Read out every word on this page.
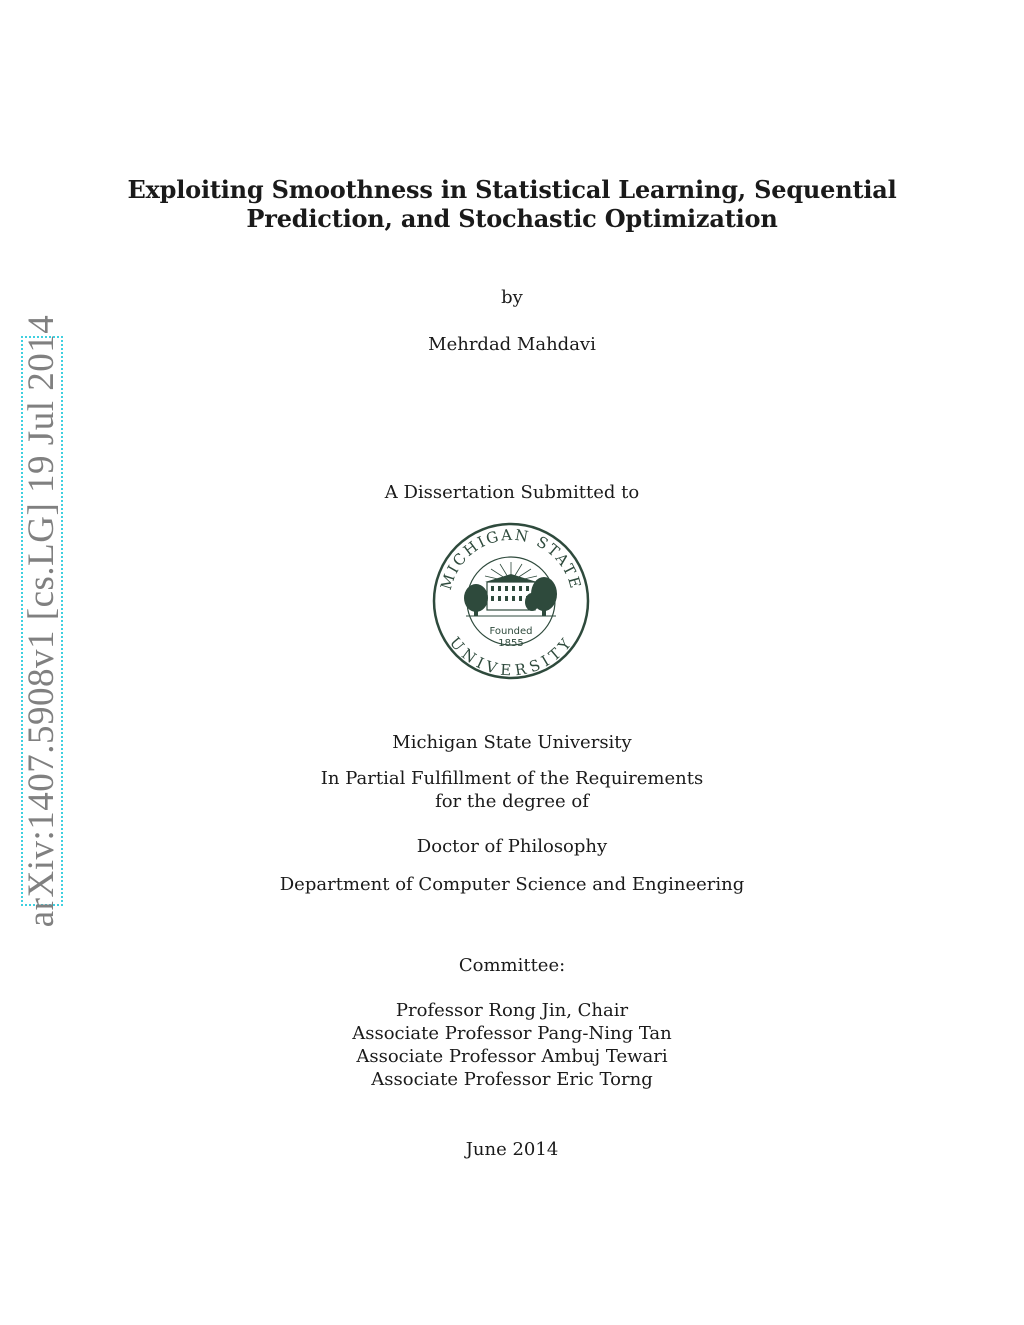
arXiv:1407.5908v1 [cs.LG] 19 Jul 2014
Exploiting Smoothness in Statistical Learning, Sequential
Prediction, and Stochastic Optimization
by
Mehrdad Mahdavi
A Dissertation Submitted to
Founded
1855
MICHIGAN STATE
UNIVERSITY
Michigan State University
In Partial Fulfillment of the Requirements
for the degree of
Doctor of Philosophy
Department of Computer Science and Engineering
Committee:
Professor Rong Jin, Chair
Associate Professor Pang-Ning Tan
Associate Professor Ambuj Tewari
Associate Professor Eric Torng
June 2014
